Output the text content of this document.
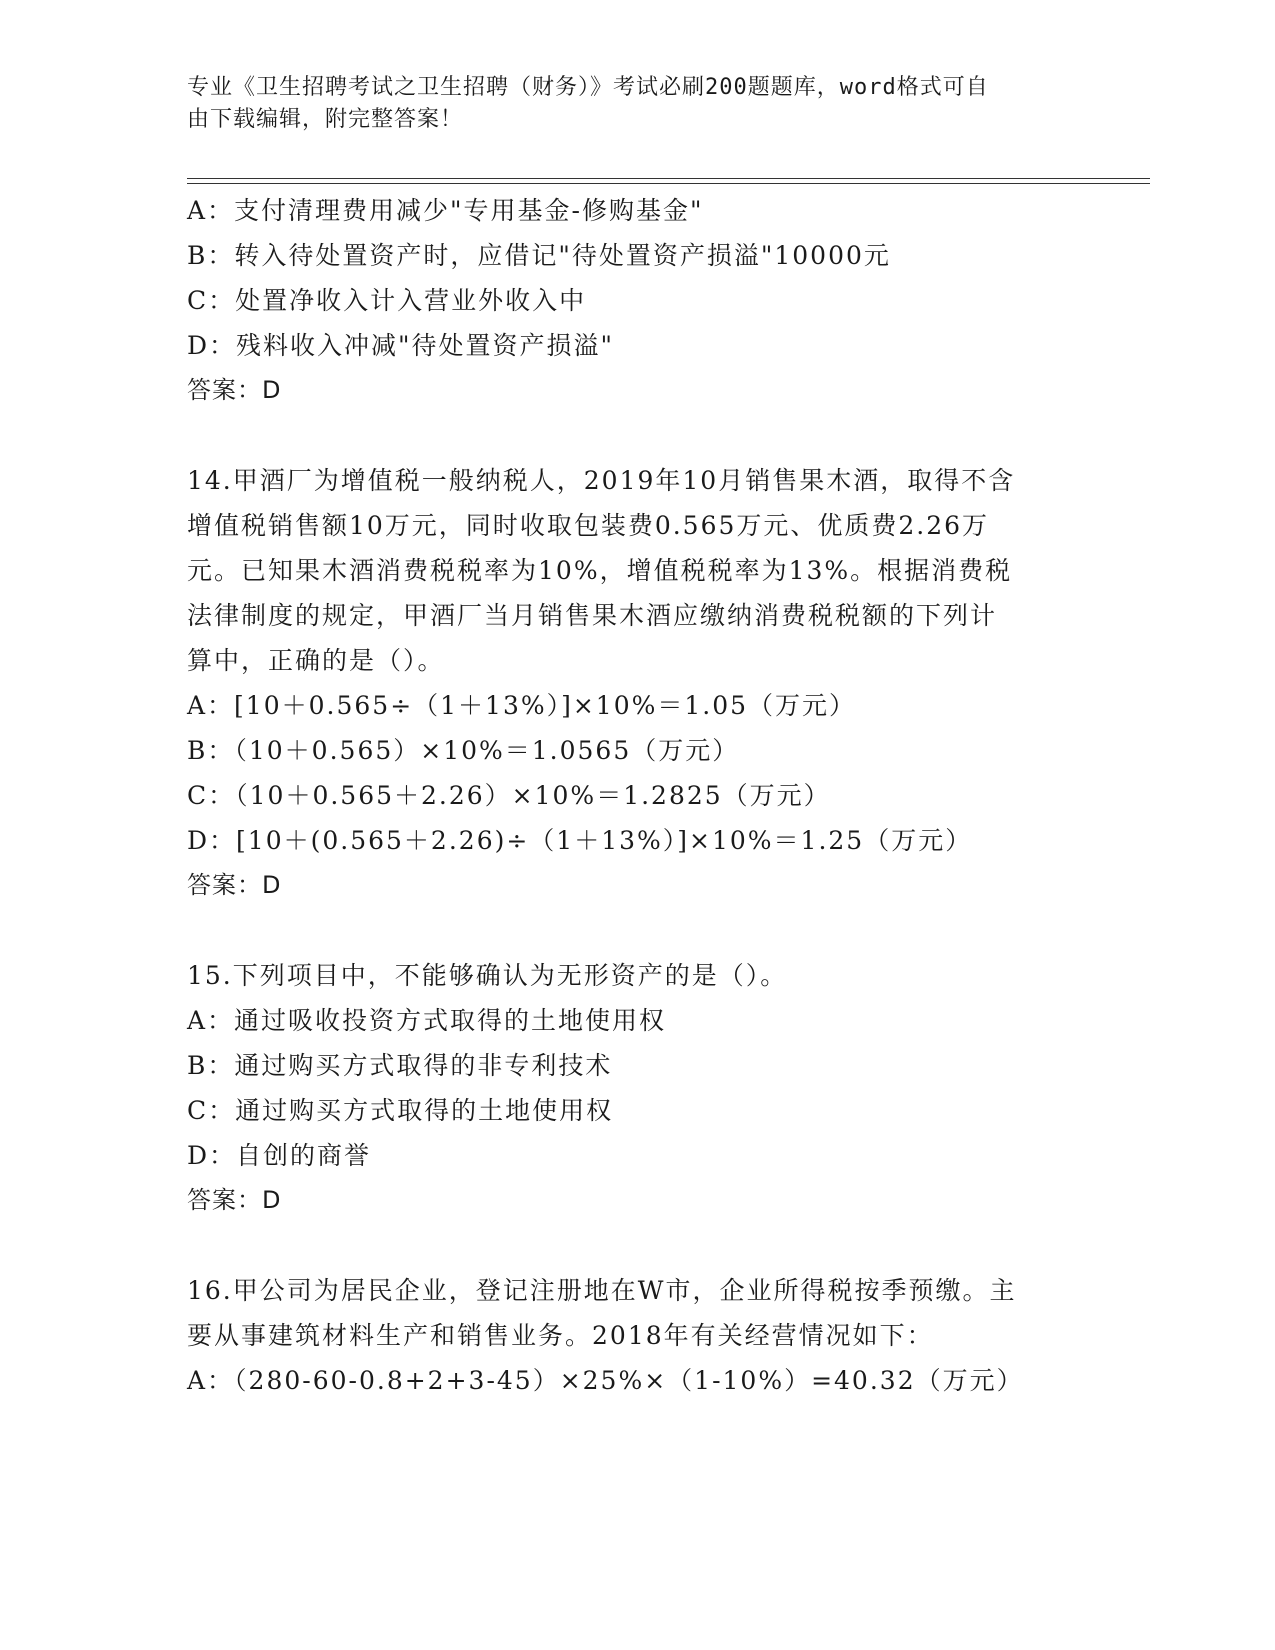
专业《卫生招聘考试之卫生招聘（财务）》考试必刷200题题库，word格式可自
由下载编辑，附完整答案！
A：支付清理费用减少"专用基金-修购基金"
B：转入待处置资产时，应借记"待处置资产损溢"10000元
C：处置净收入计入营业外收入中
D：残料收入冲减"待处置资产损溢"
答案：D
14.甲酒厂为增值税一般纳税人，2019年10月销售果木酒，取得不含
增值税销售额10万元，同时收取包装费0.565万元、优质费2.26万
元。已知果木酒消费税税率为10%，增值税税率为13%。根据消费税
法律制度的规定，甲酒厂当月销售果木酒应缴纳消费税税额的下列计
算中，正确的是（）。
A：[10＋0.565÷（1＋13%）]×10%＝1.05（万元）
B：（10＋0.565）×10%＝1.0565（万元）
C：（10＋0.565＋2.26）×10%＝1.2825（万元）
D：[10＋(0.565＋2.26)÷（1＋13%）]×10%＝1.25（万元）
答案：D
15.下列项目中，不能够确认为无形资产的是（）。
A：通过吸收投资方式取得的土地使用权
B：通过购买方式取得的非专利技术
C：通过购买方式取得的土地使用权
D：自创的商誉
答案：D
16.甲公司为居民企业，登记注册地在W市，企业所得税按季预缴。主
要从事建筑材料生产和销售业务。2018年有关经营情况如下：
A：（280-60-0.8+2+3-45）×25%×（1-10%）=40.32（万元）
